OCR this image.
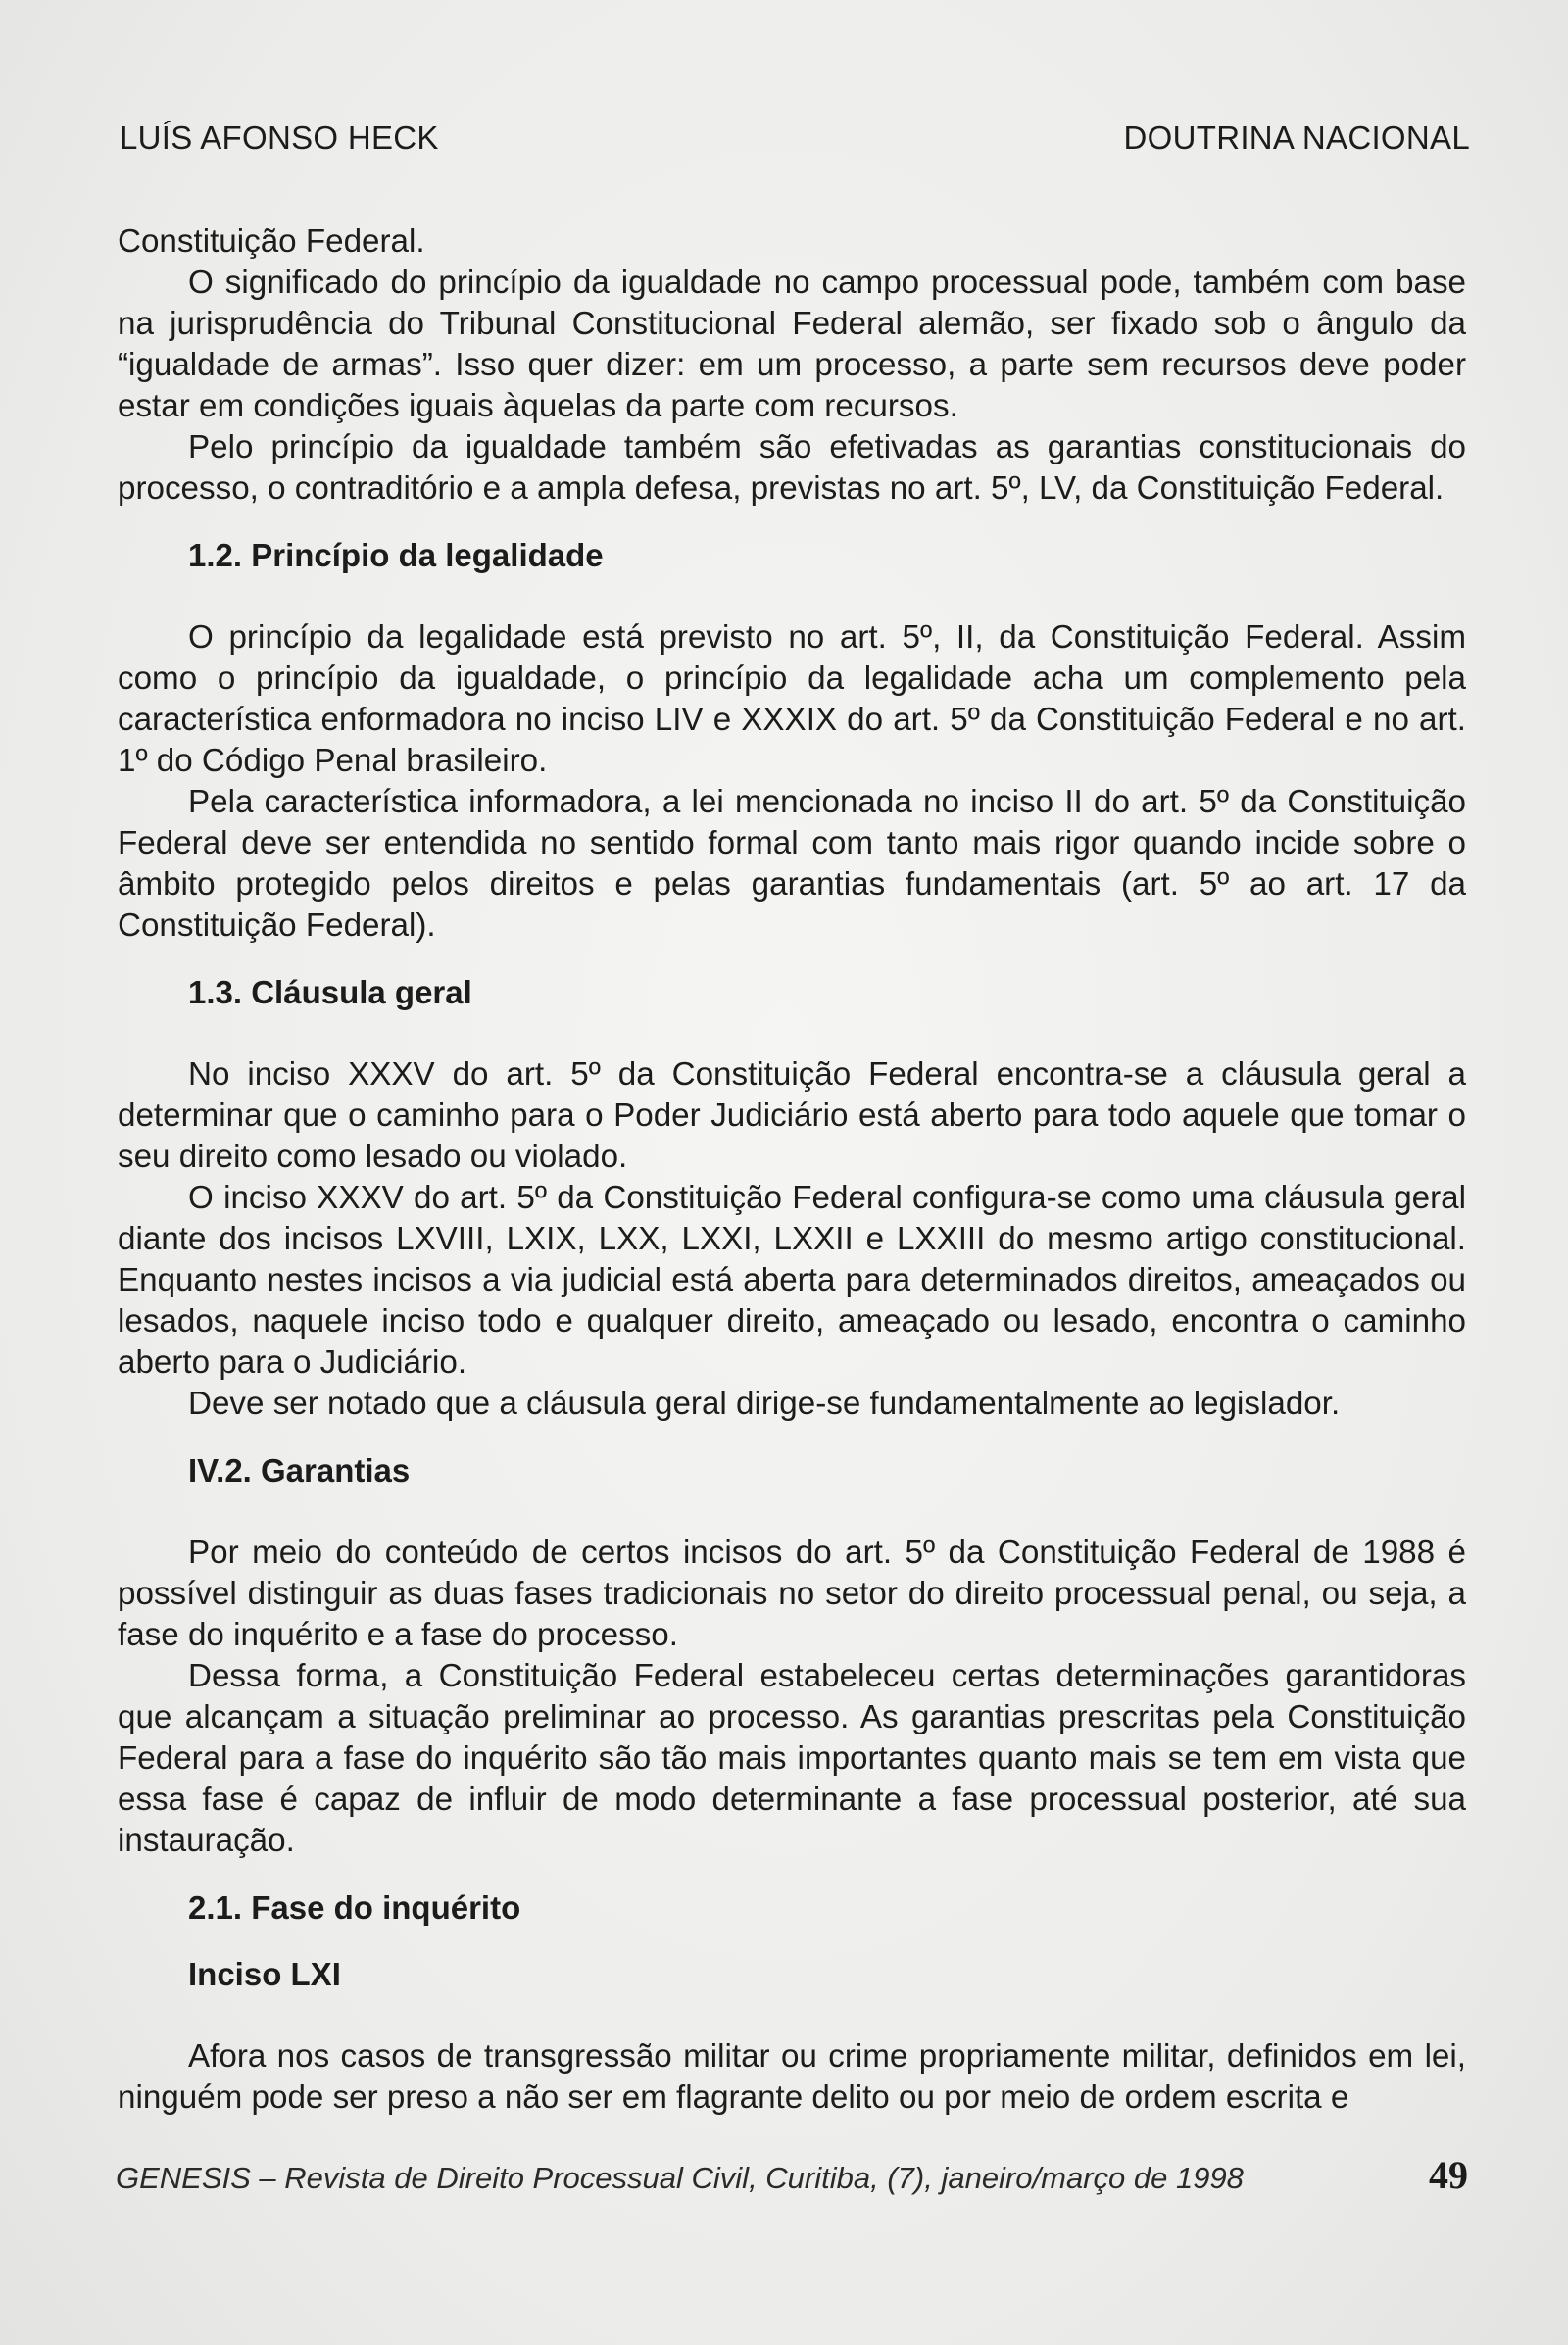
LUÍS AFONSO HECK	DOUTRINA NACIONAL

Constituição Federal.

O significado do princípio da igualdade no campo processual pode, também com base na jurisprudência do Tribunal Constitucional Federal alemão, ser fixado sob o ângulo da “igualdade de armas”. Isso quer dizer: em um processo, a parte sem recursos deve poder estar em condições iguais àquelas da parte com recursos.

Pelo princípio da igualdade também são efetivadas as garantias constitucionais do processo, o contraditório e a ampla defesa, previstas no art. 5º, LV, da Constituição Federal.

1.2. Princípio da legalidade

O princípio da legalidade está previsto no art. 5º, II, da Constituição Federal. Assim como o princípio da igualdade, o princípio da legalidade acha um complemento pela característica enformadora no inciso LIV e XXXIX do art. 5º da Constituição Federal e no art. 1º do Código Penal brasileiro.

Pela característica informadora, a lei mencionada no inciso II do art. 5º da Constituição Federal deve ser entendida no sentido formal com tanto mais rigor quando incide sobre o âmbito protegido pelos direitos e pelas garantias fundamentais (art. 5º ao art. 17 da Constituição Federal).

1.3. Cláusula geral

No inciso XXXV do art. 5º da Constituição Federal encontra-se a cláusula geral a determinar que o caminho para o Poder Judiciário está aberto para todo aquele que tomar o seu direito como lesado ou violado.

O inciso XXXV do art. 5º da Constituição Federal configura-se como uma cláusula geral diante dos incisos LXVIII, LXIX, LXX, LXXI, LXXII e LXXIII do mesmo artigo constitucional. Enquanto nestes incisos a via judicial está aberta para determinados direitos, ameaçados ou lesados, naquele inciso todo e qualquer direito, ameaçado ou lesado, encontra o caminho aberto para o Judiciário.

Deve ser notado que a cláusula geral dirige-se fundamentalmente ao legislador.

IV.2. Garantias

Por meio do conteúdo de certos incisos do art. 5º da Constituição Federal de 1988 é possível distinguir as duas fases tradicionais no setor do direito processual penal, ou seja, a fase do inquérito e a fase do processo.

Dessa forma, a Constituição Federal estabeleceu certas determinações garantidoras que alcançam a situação preliminar ao processo. As garantias prescritas pela Constituição Federal para a fase do inquérito são tão mais importantes quanto mais se tem em vista que essa fase é capaz de influir de modo determinante a fase processual posterior, até sua instauração.

2.1. Fase do inquérito
Inciso LXI

Afora nos casos de transgressão militar ou crime propriamente militar, definidos em lei, ninguém pode ser preso a não ser em flagrante delito ou por meio de ordem escrita e

GENESIS – Revista de Direito Processual Civil, Curitiba, (7), janeiro/março de 1998	49
